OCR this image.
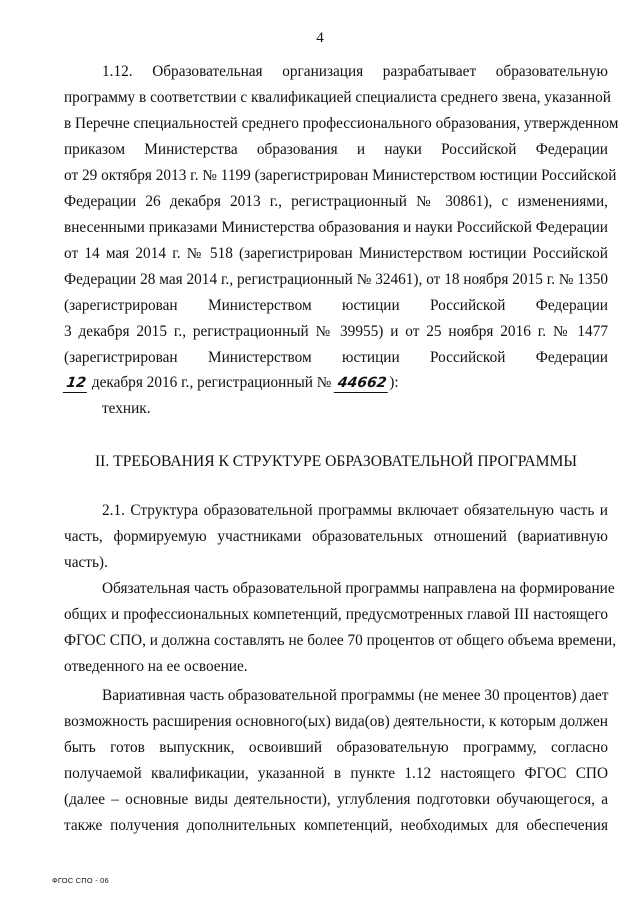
4
1.12. Образовательная организация разрабатывает образовательную
программу в соответствии с квалификацией специалиста среднего звена, указанной
в Перечне специальностей среднего профессионального образования, утвержденном
приказом Министерства образования и науки Российской Федерации
от 29 октября 2013 г. № 1199 (зарегистрирован Министерством юстиции Российской
Федерации 26 декабря 2013 г., регистрационный № 30861), с изменениями,
внесенными приказами Министерства образования и науки Российской Федерации
от 14 мая 2014 г. № 518 (зарегистрирован Министерством юстиции Российской
Федерации 28 мая 2014 г., регистрационный № 32461), от 18 ноября 2015 г. № 1350
(зарегистрирован Министерством юстиции Российской Федерации
3 декабря 2015 г., регистрационный № 39955) и от 25 ноября 2016 г. № 1477
(зарегистрирован Министерством юстиции Российской Федерации
12 декабря 2016 г., регистрационный № 44662):
техник.
II. ТРЕБОВАНИЯ К СТРУКТУРЕ ОБРАЗОВАТЕЛЬНОЙ ПРОГРАММЫ
2.1. Структура образовательной программы включает обязательную часть и
часть, формируемую участниками образовательных отношений (вариативную
часть).
Обязательная часть образовательной программы направлена на формирование
общих и профессиональных компетенций, предусмотренных главой III настоящего
ФГОС СПО, и должна составлять не более 70 процентов от общего объема времени,
отведенного на ее освоение.
Вариативная часть образовательной программы (не менее 30 процентов) дает
возможность расширения основного(ых) вида(ов) деятельности, к которым должен
быть готов выпускник, освоивший образовательную программу, согласно
получаемой квалификации, указанной в пункте 1.12 настоящего ФГОС СПО
(далее – основные виды деятельности), углубления подготовки обучающегося, а
также получения дополнительных компетенций, необходимых для обеспечения
ФГОС СПО - 06
